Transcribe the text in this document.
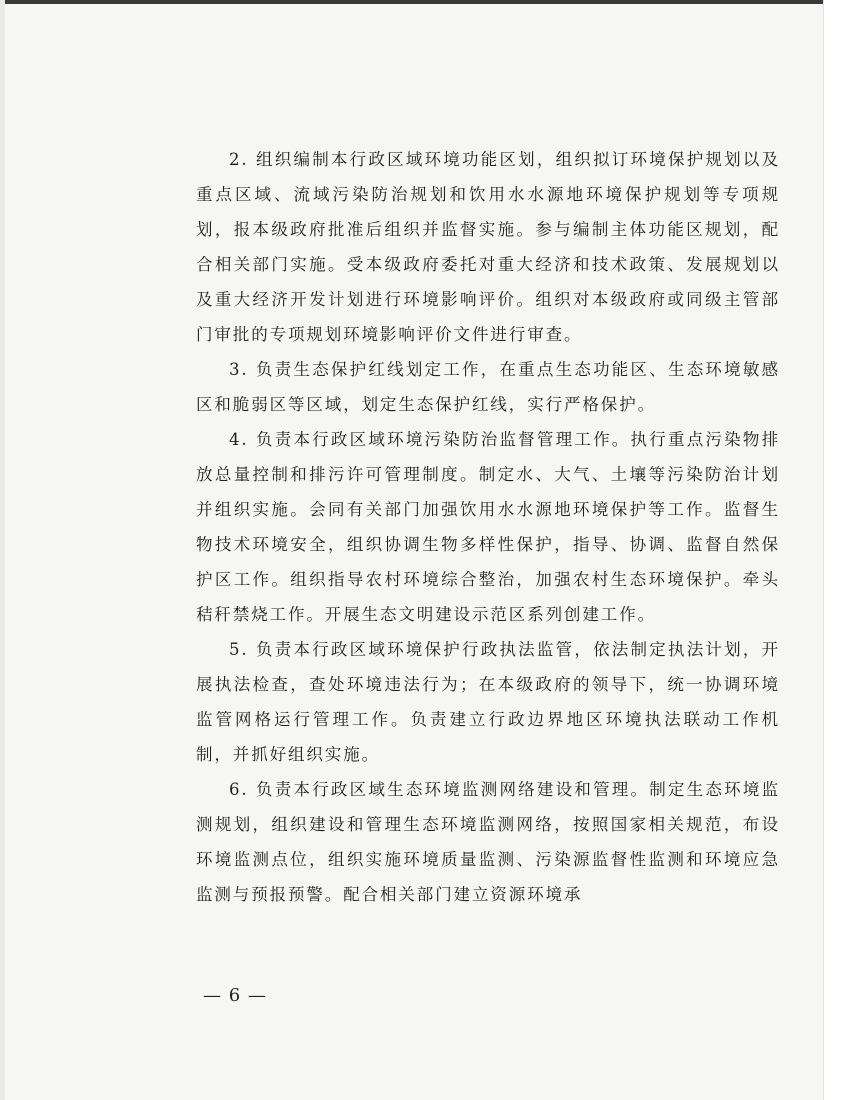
2. 组织编制本行政区域环境功能区划，组织拟订环境保护规划以及重点区域、流域污染防治规划和饮用水水源地环境保护规划等专项规划，报本级政府批准后组织并监督实施。参与编制主体功能区规划，配合相关部门实施。受本级政府委托对重大经济和技术政策、发展规划以及重大经济开发计划进行环境影响评价。组织对本级政府或同级主管部门审批的专项规划环境影响评价文件进行审查。

3. 负责生态保护红线划定工作，在重点生态功能区、生态环境敏感区和脆弱区等区域，划定生态保护红线，实行严格保护。

4. 负责本行政区域环境污染防治监督管理工作。执行重点污染物排放总量控制和排污许可管理制度。制定水、大气、土壤等污染防治计划并组织实施。会同有关部门加强饮用水水源地环境保护等工作。监督生物技术环境安全，组织协调生物多样性保护，指导、协调、监督自然保护区工作。组织指导农村环境综合整治，加强农村生态环境保护。牵头秸秆禁烧工作。开展生态文明建设示范区系列创建工作。

5. 负责本行政区域环境保护行政执法监管，依法制定执法计划，开展执法检查，查处环境违法行为；在本级政府的领导下，统一协调环境监管网格运行管理工作。负责建立行政边界地区环境执法联动工作机制，并抓好组织实施。

6. 负责本行政区域生态环境监测网络建设和管理。制定生态环境监测规划，组织建设和管理生态环境监测网络，按照国家相关规范，布设环境监测点位，组织实施环境质量监测、污染源监督性监测和环境应急监测与预报预警。配合相关部门建立资源环境承

— 6 —
